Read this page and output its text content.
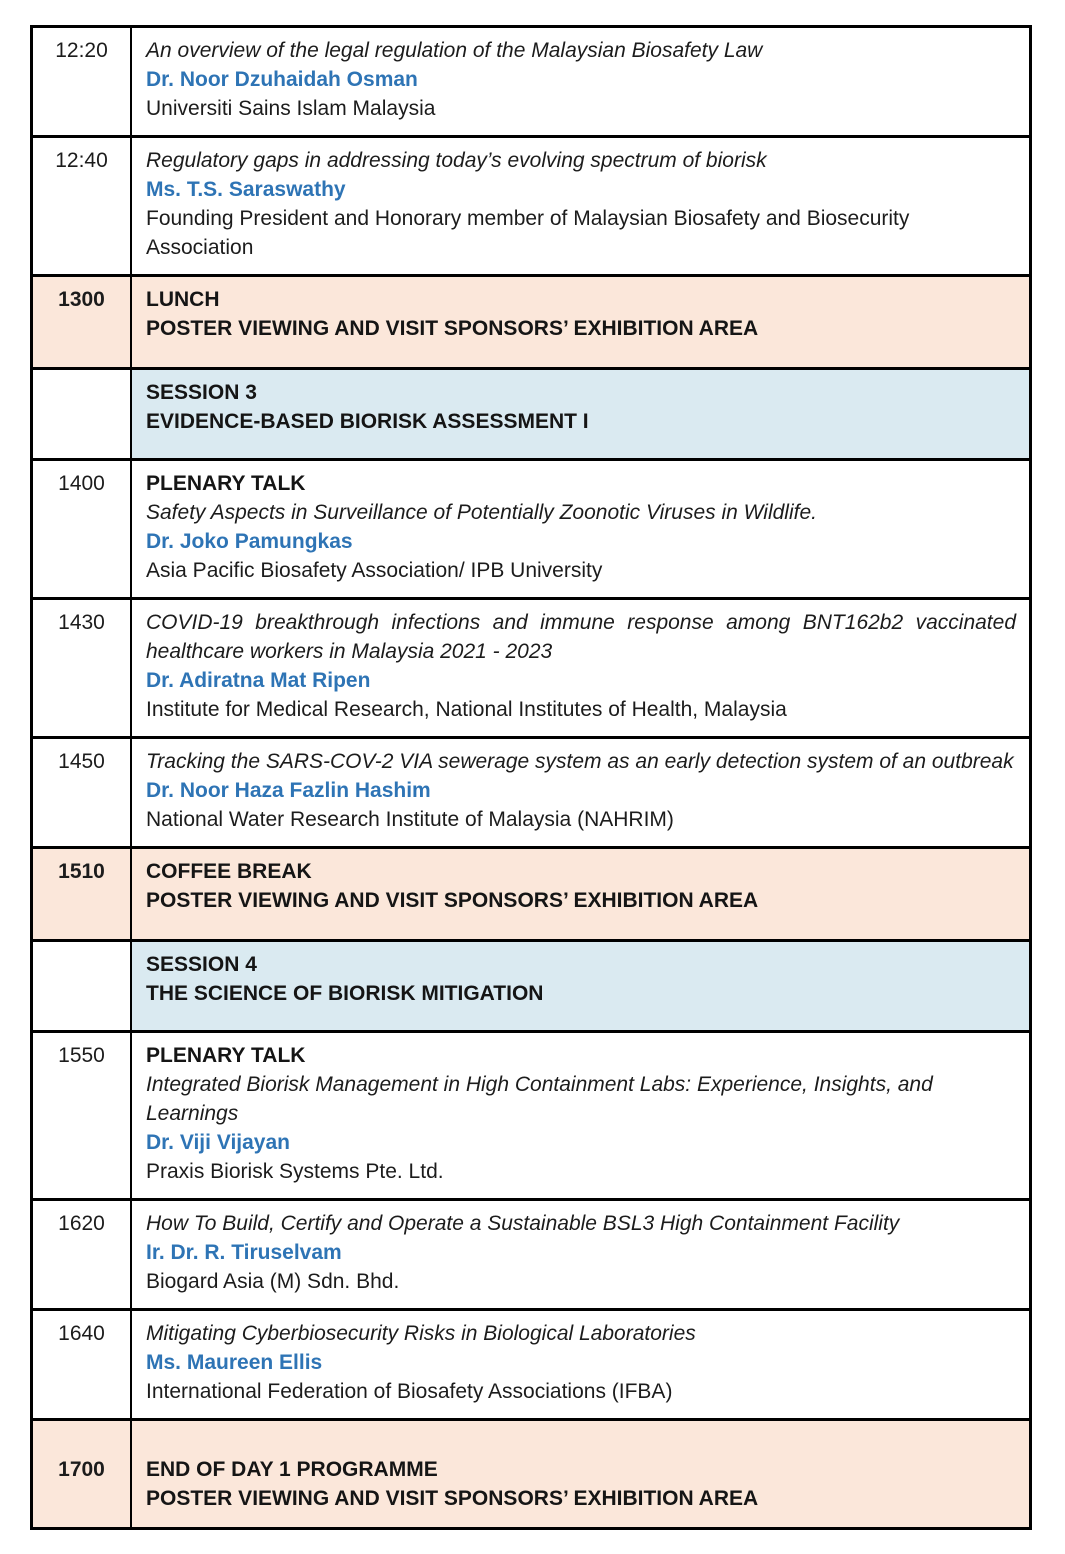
12:20	An overview of the legal regulation of the Malaysian Biosafety Law
Dr. Noor Dzuhaidah Osman
Universiti Sains Islam Malaysia

12:40	Regulatory gaps in addressing today’s evolving spectrum of biorisk
Ms. T.S. Saraswathy
Founding President and Honorary member of Malaysian Biosafety and Biosecurity Association

1300	LUNCH
POSTER VIEWING AND VISIT SPONSORS’ EXHIBITION AREA

	SESSION 3
EVIDENCE-BASED BIORISK ASSESSMENT I

1400	PLENARY TALK
Safety Aspects in Surveillance of Potentially Zoonotic Viruses in Wildlife.
Dr. Joko Pamungkas
Asia Pacific Biosafety Association/ IPB University

1430	COVID-19 breakthrough infections and immune response among BNT162b2 vaccinated healthcare workers in Malaysia 2021 - 2023
Dr. Adiratna Mat Ripen
Institute for Medical Research, National Institutes of Health, Malaysia

1450	Tracking the SARS-COV-2 VIA sewerage system as an early detection system of an outbreak
Dr. Noor Haza Fazlin Hashim
National Water Research Institute of Malaysia (NAHRIM)

1510	COFFEE BREAK
POSTER VIEWING AND VISIT SPONSORS’ EXHIBITION AREA

	SESSION 4
THE SCIENCE OF BIORISK MITIGATION

1550	PLENARY TALK
Integrated Biorisk Management in High Containment Labs: Experience, Insights, and Learnings
Dr. Viji Vijayan
Praxis Biorisk Systems Pte. Ltd.

1620	How To Build, Certify and Operate a Sustainable BSL3 High Containment Facility
Ir. Dr. R. Tiruselvam
Biogard Asia (M) Sdn. Bhd.

1640	Mitigating Cyberbiosecurity Risks in Biological Laboratories
Ms. Maureen Ellis
International Federation of Biosafety Associations (IFBA)

1700	END OF DAY 1 PROGRAMME
POSTER VIEWING AND VISIT SPONSORS’ EXHIBITION AREA
